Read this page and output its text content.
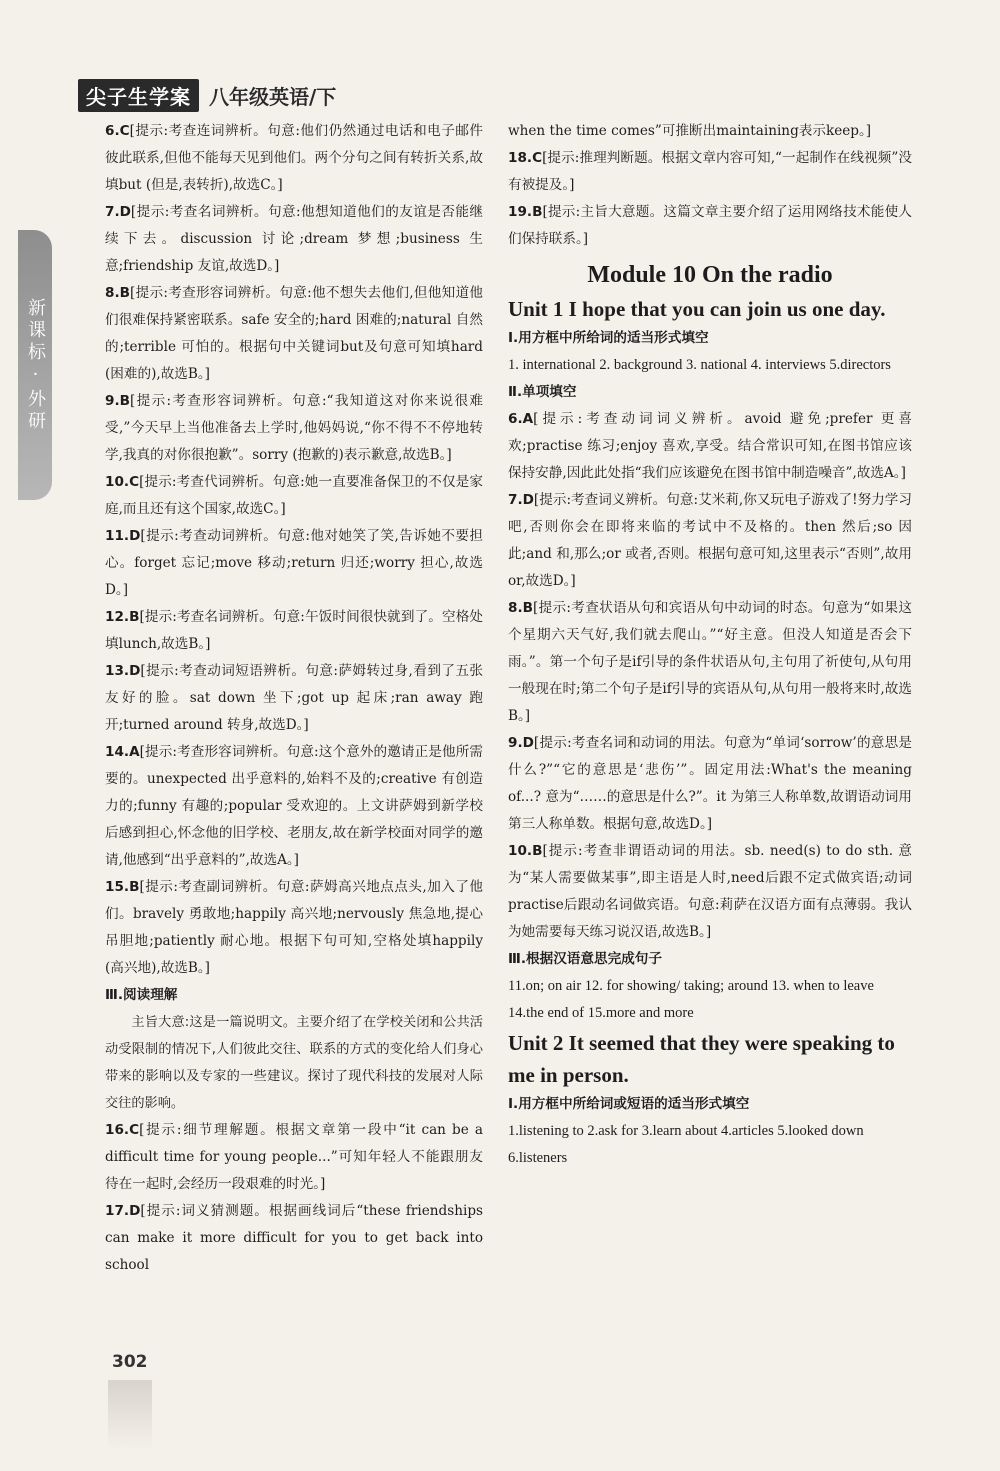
尖子生学案 八年级英语/下
新课标·外研

6.C[提示:考查连词辨析。句意:他们仍然通过电话和电子邮件彼此联系,但他不能每天见到他们。两个分句之间有转折关系,故填but (但是,表转折),故选C。]

7.D[提示:考查名词辨析。句意:他想知道他们的友谊是否能继续下去。discussion 讨论;dream 梦想;business 生意;friendship 友谊,故选D。]

8.B[提示:考查形容词辨析。句意:他不想失去他们,但他知道他们很难保持紧密联系。safe 安全的;hard 困难的;natural 自然的;terrible 可怕的。根据句中关键词but及句意可知填hard (困难的),故选B。]

9.B[提示:考查形容词辨析。句意:“我知道这对你来说很难受,”今天早上当他准备去上学时,他妈妈说,“你不得不不停地转学,我真的对你很抱歉”。sorry (抱歉的)表示歉意,故选B。]

10.C[提示:考查代词辨析。句意:她一直要准备保卫的不仅是家庭,而且还有这个国家,故选C。]

11.D[提示:考查动词辨析。句意:他对她笑了笑,告诉她不要担心。forget 忘记;move 移动;return 归还;worry 担心,故选D。]

12.B[提示:考查名词辨析。句意:午饭时间很快就到了。空格处填lunch,故选B。]

13.D[提示:考查动词短语辨析。句意:萨姆转过身,看到了五张友好的脸。sat down 坐下;got up 起床;ran away 跑开;turned around 转身,故选D。]

14.A[提示:考查形容词辨析。句意:这个意外的邀请正是他所需要的。unexpected 出乎意料的,始料不及的;creative 有创造力的;funny 有趣的;popular 受欢迎的。上文讲萨姆到新学校后感到担心,怀念他的旧学校、老朋友,故在新学校面对同学的邀请,他感到“出乎意料的”,故选A。]

15.B[提示:考查副词辨析。句意:萨姆高兴地点点头,加入了他们。bravely 勇敢地;happily 高兴地;nervously 焦急地,提心吊胆地;patiently 耐心地。根据下句可知,空格处填happily (高兴地),故选B。]

Ⅲ.阅读理解

主旨大意:这是一篇说明文。主要介绍了在学校关闭和公共活动受限制的情况下,人们彼此交往、联系的方式的变化给人们身心带来的影响以及专家的一些建议。探讨了现代科技的发展对人际交往的影响。

16.C[提示:细节理解题。根据文章第一段中“it can be a difficult time for young people...”可知年轻人不能跟朋友待在一起时,会经历一段艰难的时光。]

17.D[提示:词义猜测题。根据画线词后“these friendships can make it more difficult for you to get back into school

when the time comes”可推断出maintaining表示keep。]

18.C[提示:推理判断题。根据文章内容可知,“一起制作在线视频”没有被提及。]

19.B[提示:主旨大意题。这篇文章主要介绍了运用网络技术能使人们保持联系。]

Module 10 On the radio
Unit 1 I hope that you can join us one day.
Ⅰ.用方框中所给词的适当形式填空
1. international 2. background 3. national 4. interviews 5.directors
Ⅱ.单项填空

6.A[提示:考查动词词义辨析。avoid 避免;prefer 更喜欢;practise 练习;enjoy 喜欢,享受。结合常识可知,在图书馆应该保持安静,因此此处指“我们应该避免在图书馆中制造噪音”,故选A。]

7.D[提示:考查词义辨析。句意:艾米莉,你又玩电子游戏了!努力学习吧,否则你会在即将来临的考试中不及格的。then 然后;so 因此;and 和,那么;or 或者,否则。根据句意可知,这里表示“否则”,故用or,故选D。]

8.B[提示:考查状语从句和宾语从句中动词的时态。句意为“如果这个星期六天气好,我们就去爬山。”“好主意。但没人知道是否会下雨。”。第一个句子是if引导的条件状语从句,主句用了祈使句,从句用一般现在时;第二个句子是if引导的宾语从句,从句用一般将来时,故选B。]

9.D[提示:考查名词和动词的用法。句意为“单词‘sorrow’的意思是什么?”“它的意思是‘悲伤’”。固定用法:What's the meaning of...? 意为“……的意思是什么?”。it 为第三人称单数,故谓语动词用第三人称单数。根据句意,故选D。]

10.B[提示:考查非谓语动词的用法。sb. need(s) to do sth. 意为“某人需要做某事”,即主语是人时,need后跟不定式做宾语;动词practise后跟动名词做宾语。句意:莉萨在汉语方面有点薄弱。我认为她需要每天练习说汉语,故选B。]

Ⅲ.根据汉语意思完成句子
11.on; on air 12. for showing/ taking; around 13. when to leave 14.the end of 15.more and more
Unit 2 It seemed that they were speaking to me in person.
Ⅰ.用方框中所给词或短语的适当形式填空
1.listening to 2.ask for 3.learn about 4.articles 5.looked down 6.listeners
302
